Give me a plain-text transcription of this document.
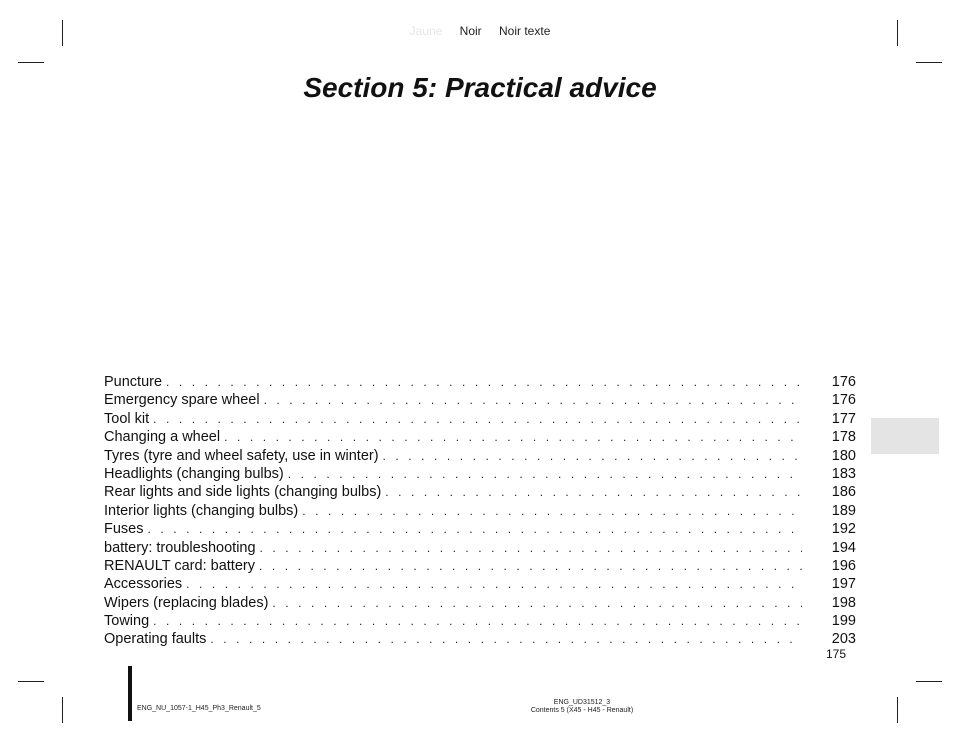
Jaune Noir Noir texte
Section 5: Practical advice
Puncture . . .	176
Emergency spare wheel . . .	176
Tool kit . . .	177
Changing a wheel . . .	178
Tyres (tyre and wheel safety, use in winter) . . .	180
Headlights (changing bulbs) . . .	183
Rear lights and side lights (changing bulbs) . . .	186
Interior lights (changing bulbs) . . .	189
Fuses . . .	192
battery: troubleshooting . . .	194
RENAULT card: battery . . .	196
Accessories . . .	197
Wipers (replacing blades) . . .	198
Towing . . .	199
Operating faults . . .	203
175
ENG_NU_1057-1_H45_Ph3_Renault_5
ENG_UD31512_3
Contents 5 (X45 - H45 - Renault)
